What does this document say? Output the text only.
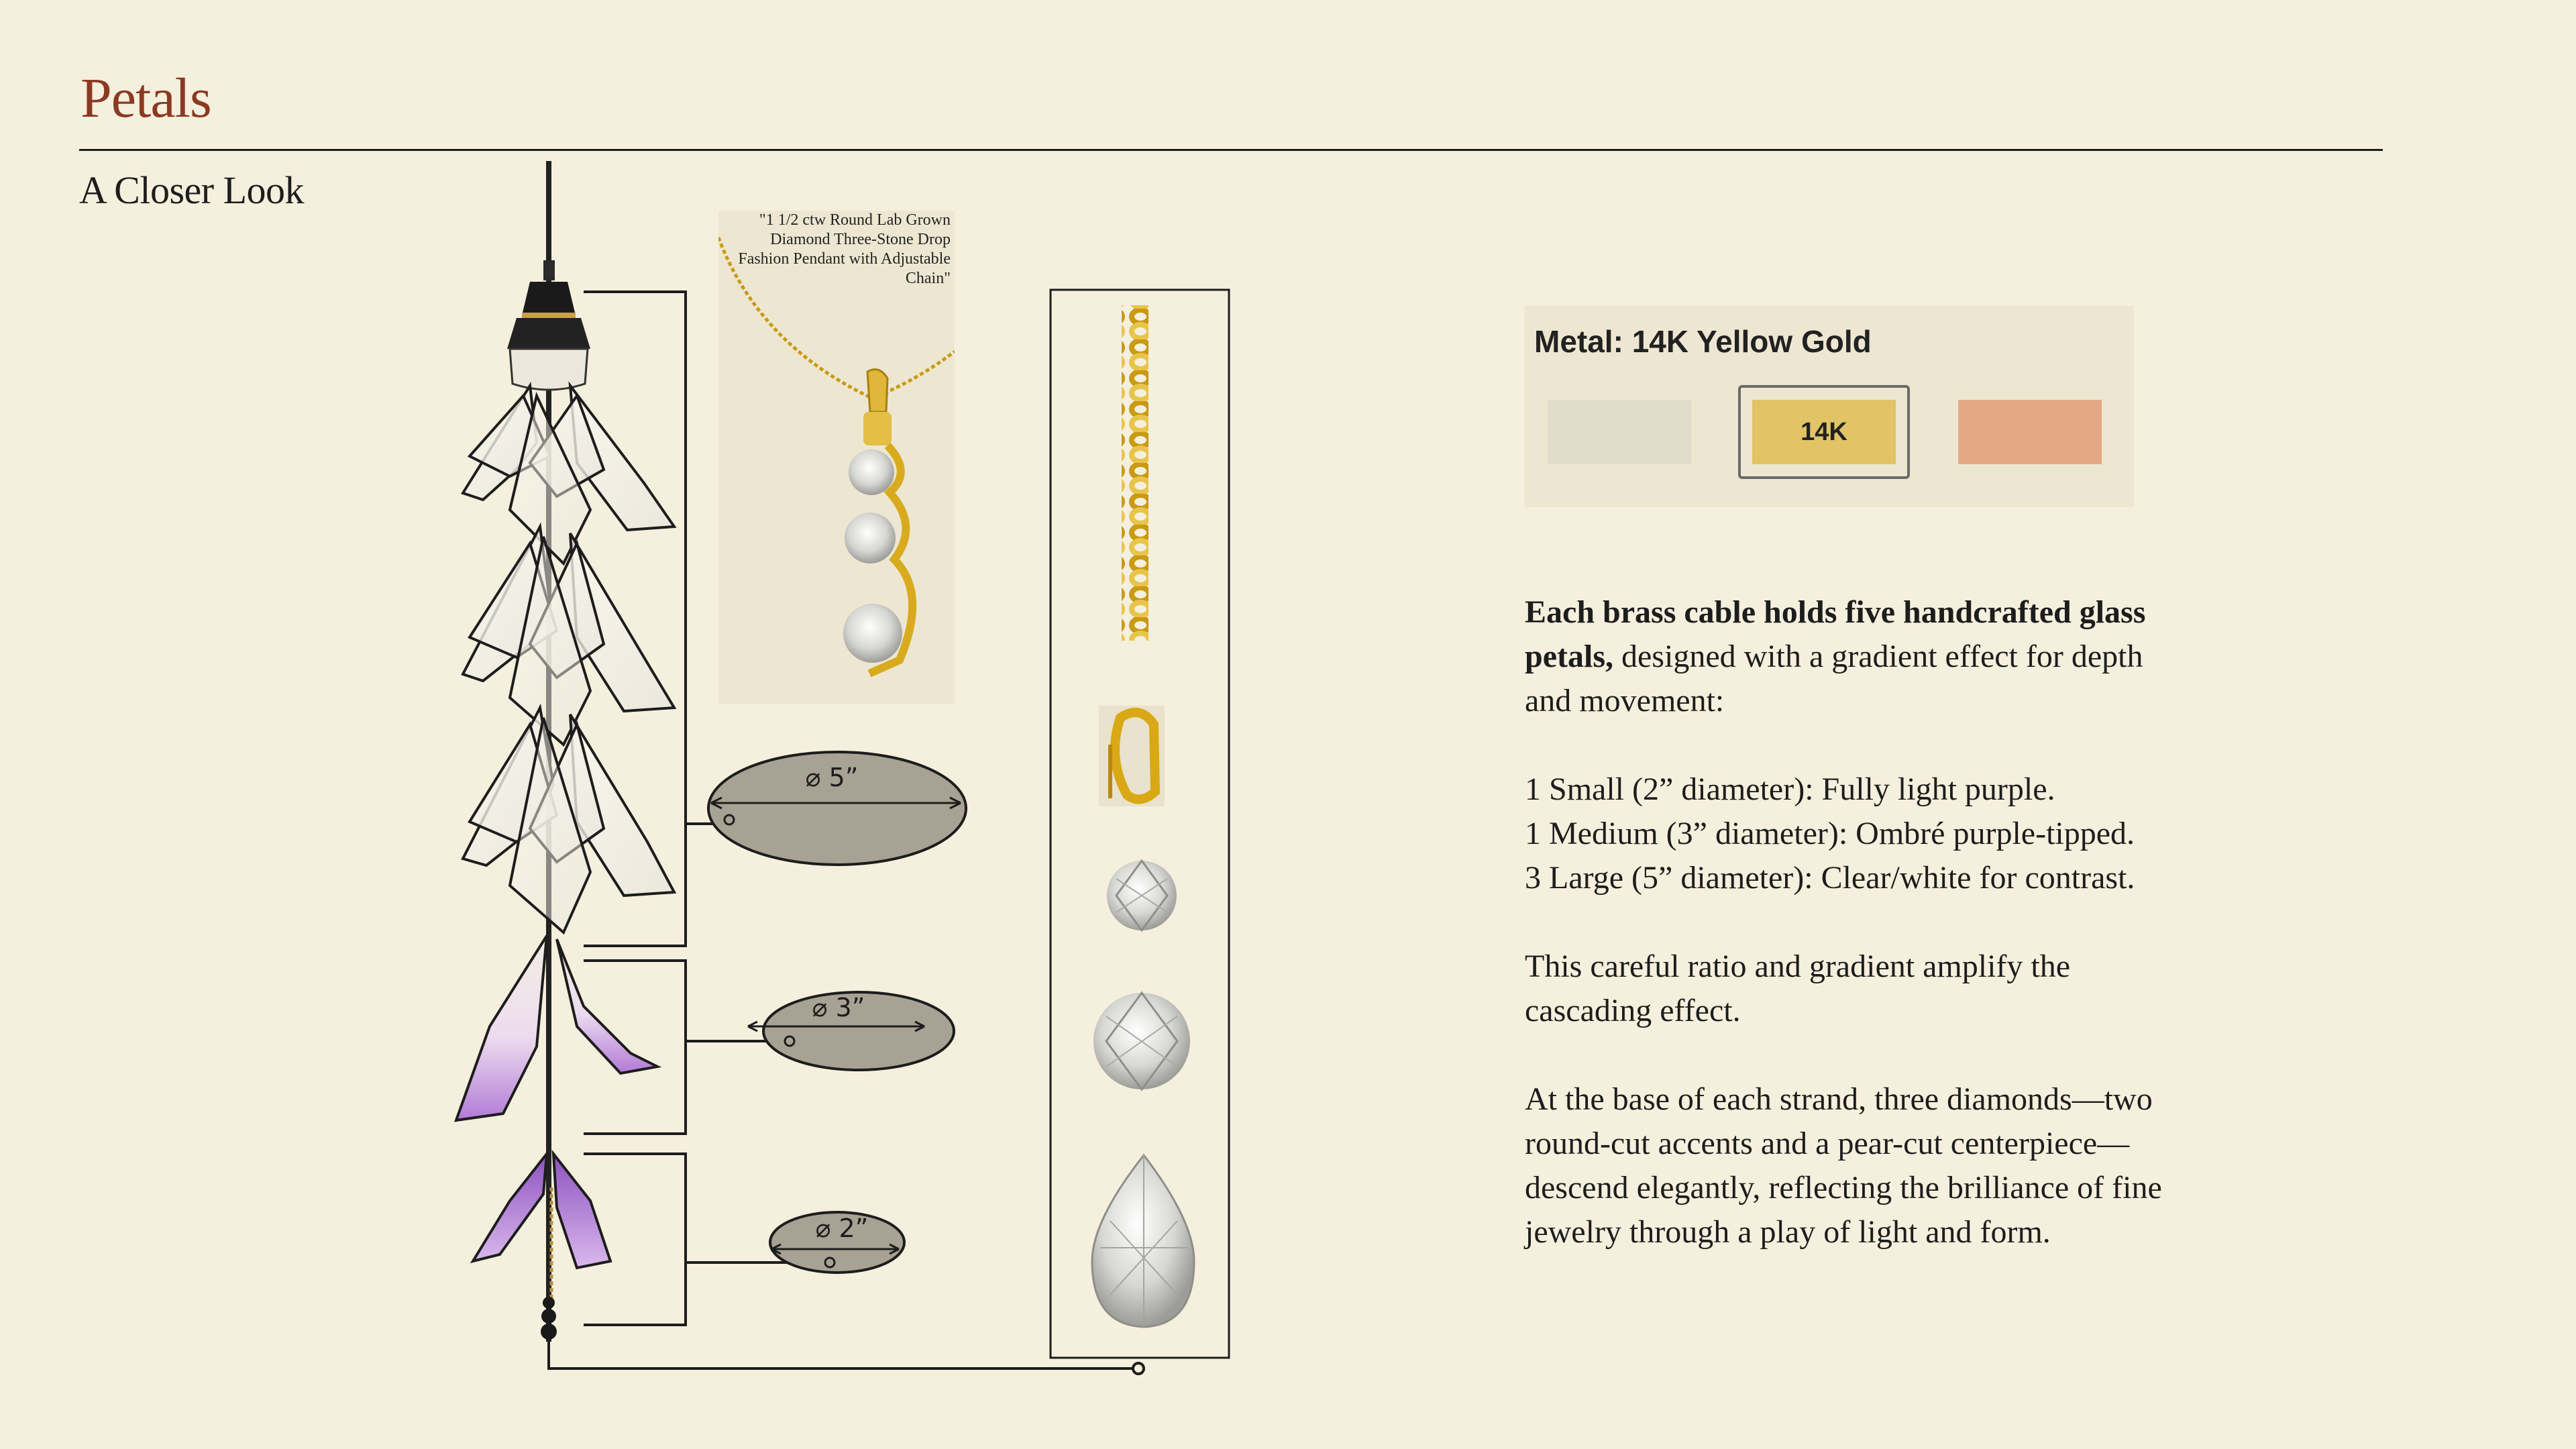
Petals
A Closer Look
⌀ 5”
⌀ 3”
⌀ 2”
"1 1/2 ctw Round Lab Grown Diamond Three-Stone Drop Fashion Pendant with Adjustable Chain"
Metal: 14K Yellow Gold
14K

Each brass cable holds five handcrafted glass petals, designed with a gradient effect for depth and movement:

1 Small (2” diameter): Fully light purple.
1 Medium (3” diameter): Ombré purple-tipped.
3 Large (5” diameter): Clear/white for contrast.

This careful ratio and gradient amplify the cascading effect.

At the base of each strand, three diamonds—two round-cut accents and a pear-cut centerpiece—descend elegantly, reflecting the brilliance of fine jewelry through a play of light and form.
